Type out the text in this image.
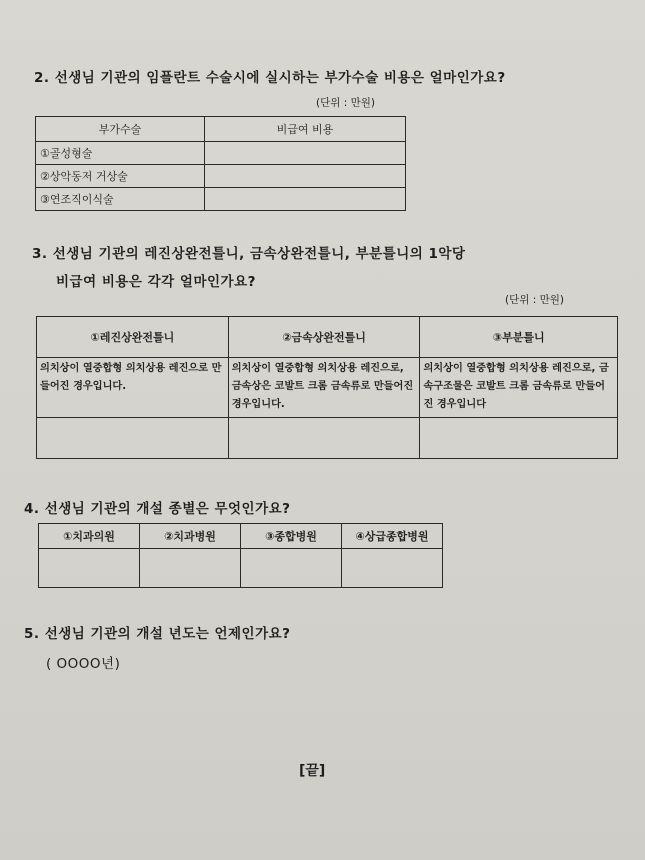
2. 선생님 기관의 임플란트 수술시에 실시하는 부가수술 비용은 얼마인가요?
(단위 : 만원)
부가수술	비급여 비용
①골성형술	
②상악동저 거상술	
③연조직이식술	
3. 선생님 기관의 레진상완전틀니, 금속상완전틀니, 부분틀니의 1악당
비급여 비용은 각각 얼마인가요?
(단위 : 만원)
①레진상완전틀니	②금속상완전틀니	③부분틀니
의치상이 열중합형 의치상용 레진으로 만들어진 경우입니다.	의치상이 열중합형 의치상용 레진으로, 금속상은 코발트 크롬 금속류로 만들어진 경우입니다.	의치상이 열중합형 의치상용 레진으로, 금속구조물은 코발트 크롬 금속류로 만들어진 경우입니다

4. 선생님 기관의 개설 종별은 무엇인가요?
①치과의원	②치과병원	③종합병원	④상급종합병원

5. 선생님 기관의 개설 년도는 언제인가요?
( OOOO년)
[끝]
